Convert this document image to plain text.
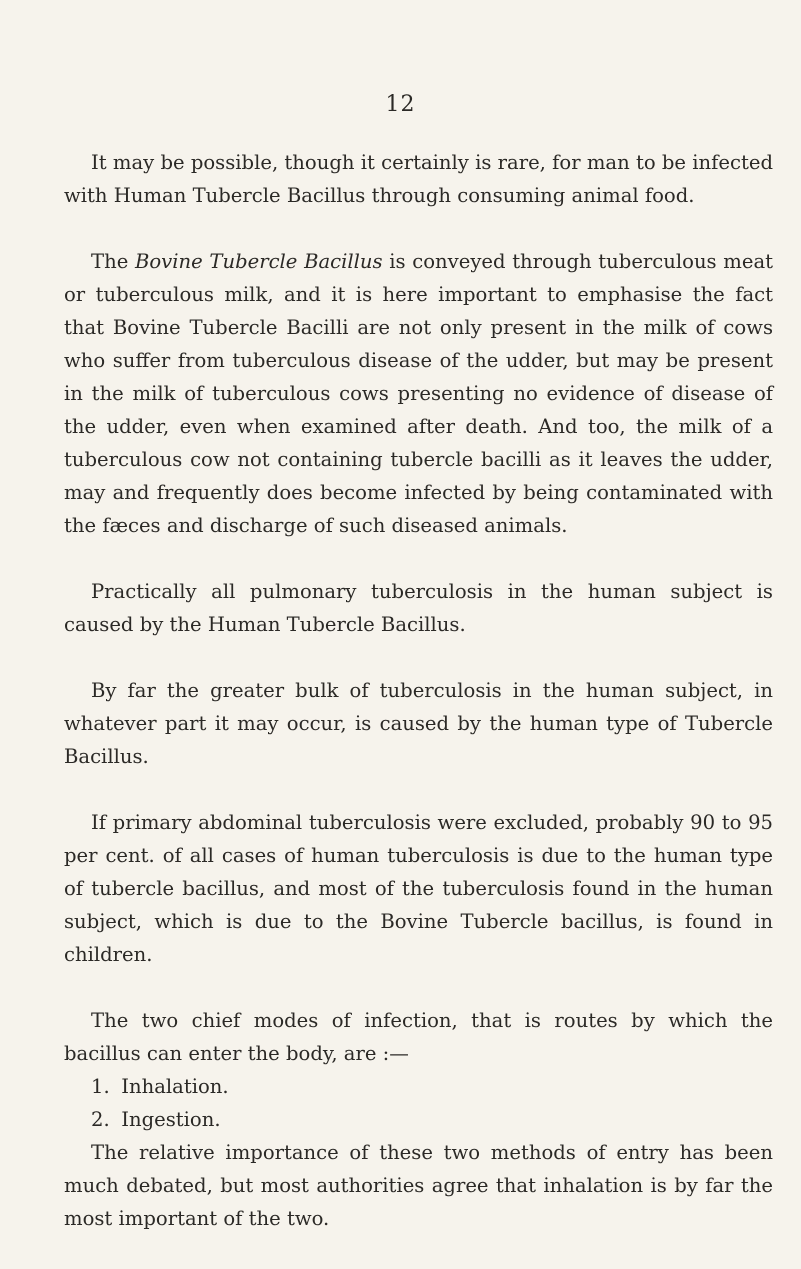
12

It may be possible, though it certainly is rare, for man to be infected with Human Tubercle Bacillus through consuming animal food.

The Bovine Tubercle Bacillus is conveyed through tuberculous meat or tuberculous milk, and it is here important to emphasise the fact that Bovine Tubercle Bacilli are not only present in the milk of cows who suffer from tuberculous disease of the udder, but may be present in the milk of tuberculous cows presenting no evidence of disease of the udder, even when examined after death. And too, the milk of a tuberculous cow not containing tubercle bacilli as it leaves the udder, may and frequently does become infected by being contaminated with the fæces and discharge of such diseased animals.

Practically all pulmonary tuberculosis in the human subject is caused by the Human Tubercle Bacillus.

By far the greater bulk of tuberculosis in the human subject, in whatever part it may occur, is caused by the human type of Tubercle Bacillus.

If primary abdominal tuberculosis were excluded, probably 90 to 95 per cent. of all cases of human tuberculosis is due to the human type of tubercle bacillus, and most of the tuberculosis found in the human subject, which is due to the Bovine Tubercle bacillus, is found in children.

The two chief modes of infection, that is routes by which the bacillus can enter the body, are :—

1. Inhalation.
2. Ingestion.

The relative importance of these two methods of entry has been much debated, but most authorities agree that inhalation is by far the most important of the two.
